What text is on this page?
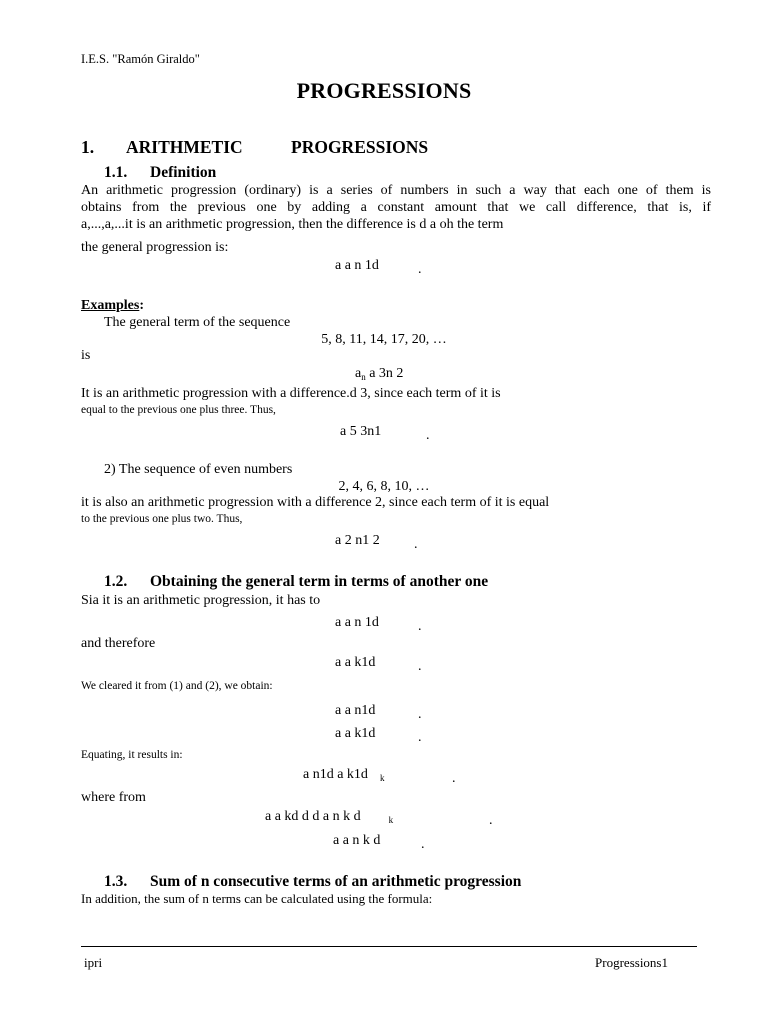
I.E.S. "Ramón Giraldo"
PROGRESSIONS
1. ARITHMETIC	PROGRESSIONS
1.1. Definition
An arithmetic progression (ordinary) is a series of numbers in such a way that each one of them is
obtains from the previous one by adding a constant amount that we call difference, that is, if
a,...,a,...it is an arithmetic progression, then the difference is d a oh the term
the general progression is:
a a n 1d	.
Examples:
The general term of the sequence
5, 8, 11, 14, 17, 20, …
is
$a_n$ a 3n 2
It is an arithmetic progression with a difference.d 3, since each term of it is
equal to the previous one plus three. Thus,
a 5 3n1	.
2) The sequence of even numbers
2, 4, 6, 8, 10, …
it is also an arithmetic progression with a difference 2, since each term of it is equal
to the previous one plus two. Thus,
a 2 n1 2 .
1.2. Obtaining the general term in terms of another one
Sia it is an arithmetic progression, it has to
a a n 1d	.
and therefore
a a k1d	.
We cleared it from (1) and (2), we obtain:
a a n1d	.
a a k1d	.
Equating, it results in:
a n1d a k1d $_k$	.
where from
a a kd d d a n k d	$_k$	.
a a n k d	.
1.3. Sum of n consecutive terms of an arithmetic progression
In addition, the sum of n terms can be calculated using the formula:
ipri	Progressions1
